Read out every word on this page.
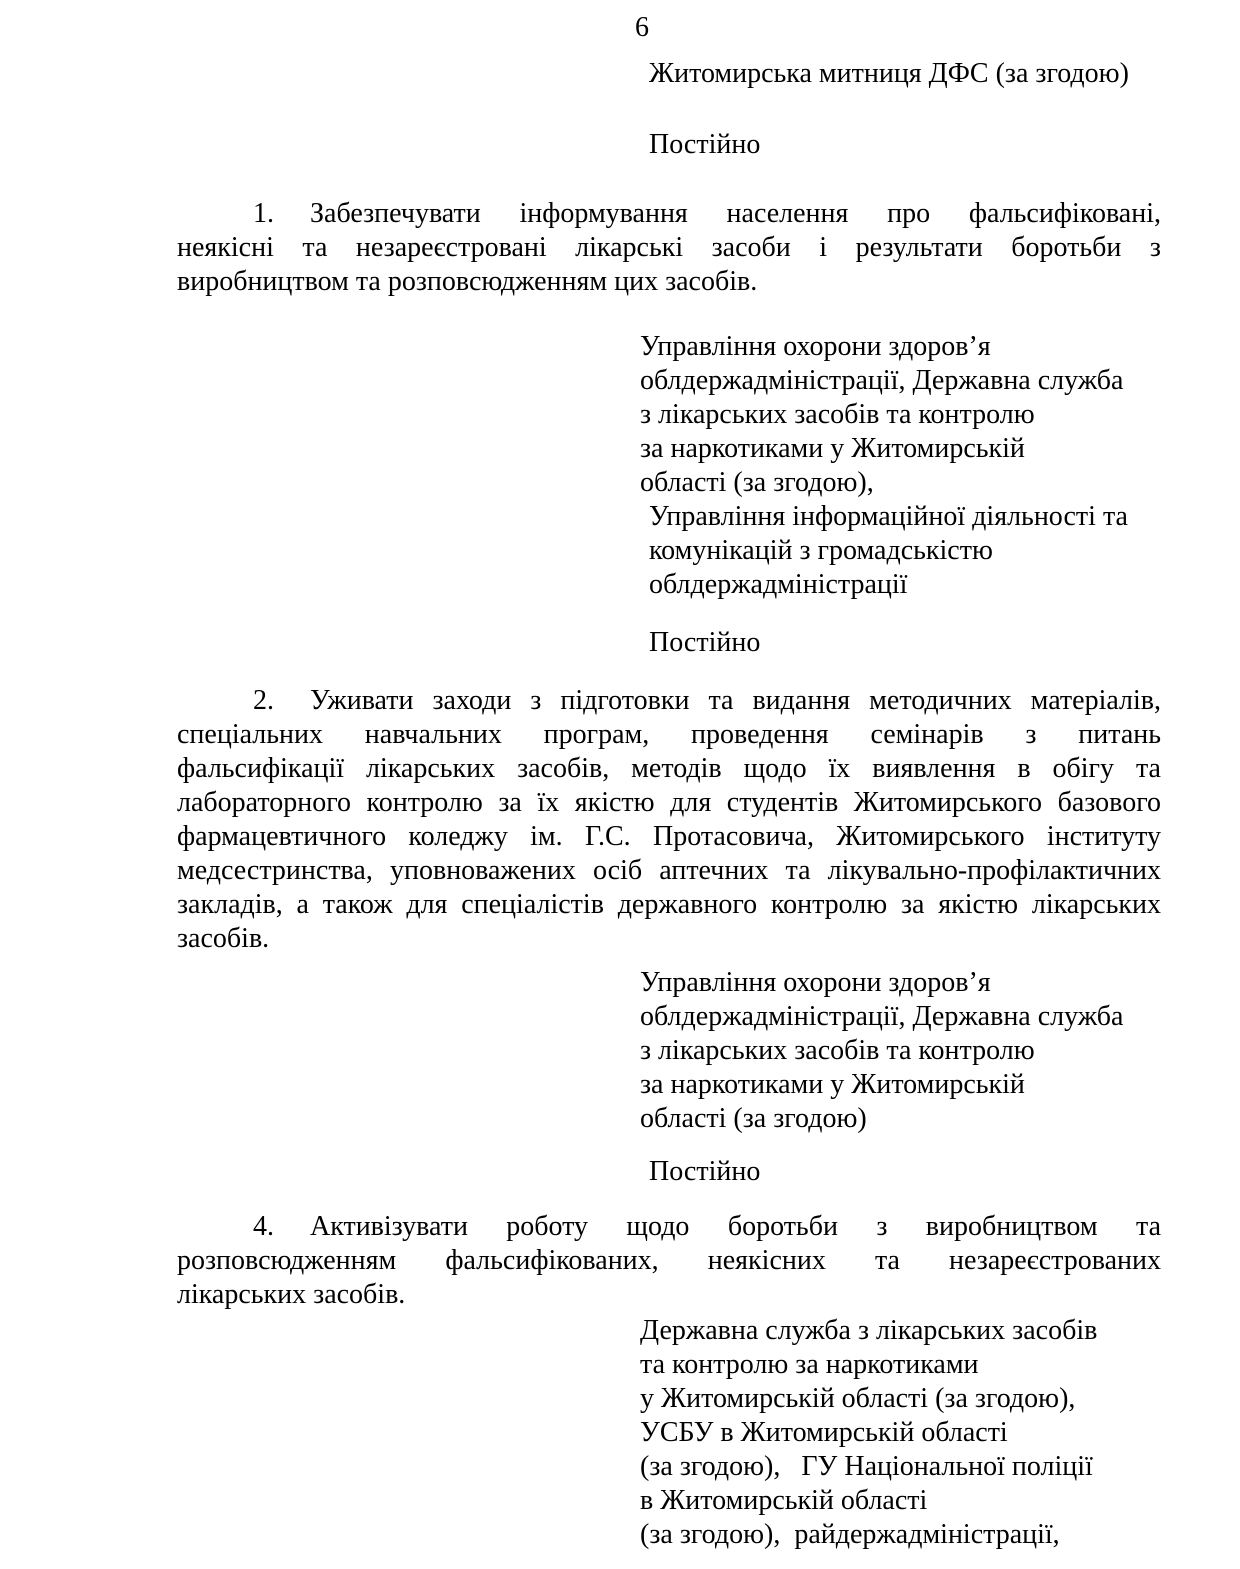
6
Житомирська митниця ДФС (за згодою)
Постійно
1. Забезпечувати інформування населення про фальсифіковані,
неякісні та незареєстровані лікарські засоби і результати боротьби з
виробництвом та розповсюдженням цих засобів.
Управління охорони здоров’я
облдержадміністрації, Державна служба
з лікарських засобів та контролю
за наркотиками у Житомирській
області (за згодою),
Управління інформаційної діяльності та
комунікацій з громадськістю
облдержадміністрації
Постійно
2. Уживати заходи з підготовки та видання методичних матеріалів,
спеціальних навчальних програм, проведення семінарів з питань
фальсифікації лікарських засобів, методів щодо їх виявлення в обігу та
лабораторного контролю за їх якістю для студентів Житомирського базового
фармацевтичного коледжу ім. Г.С. Протасовича, Житомирського інституту
медсестринства, уповноважених осіб аптечних та лікувально-профілактичних
закладів, а також для спеціалістів державного контролю за якістю лікарських
засобів.
Управління охорони здоров’я
облдержадміністрації, Державна служба
з лікарських засобів та контролю
за наркотиками у Житомирській
області (за згодою)
Постійно
4. Активізувати роботу щодо боротьби з виробництвом та
розповсюдженням фальсифікованих, неякісних та незареєстрованих
лікарських засобів.
Державна служба з лікарських засобів
та контролю за наркотиками
у Житомирській області (за згодою),
УСБУ в Житомирській області
(за згодою),   ГУ Національної поліції
в Житомирській області
(за згодою),  райдержадміністрації,
